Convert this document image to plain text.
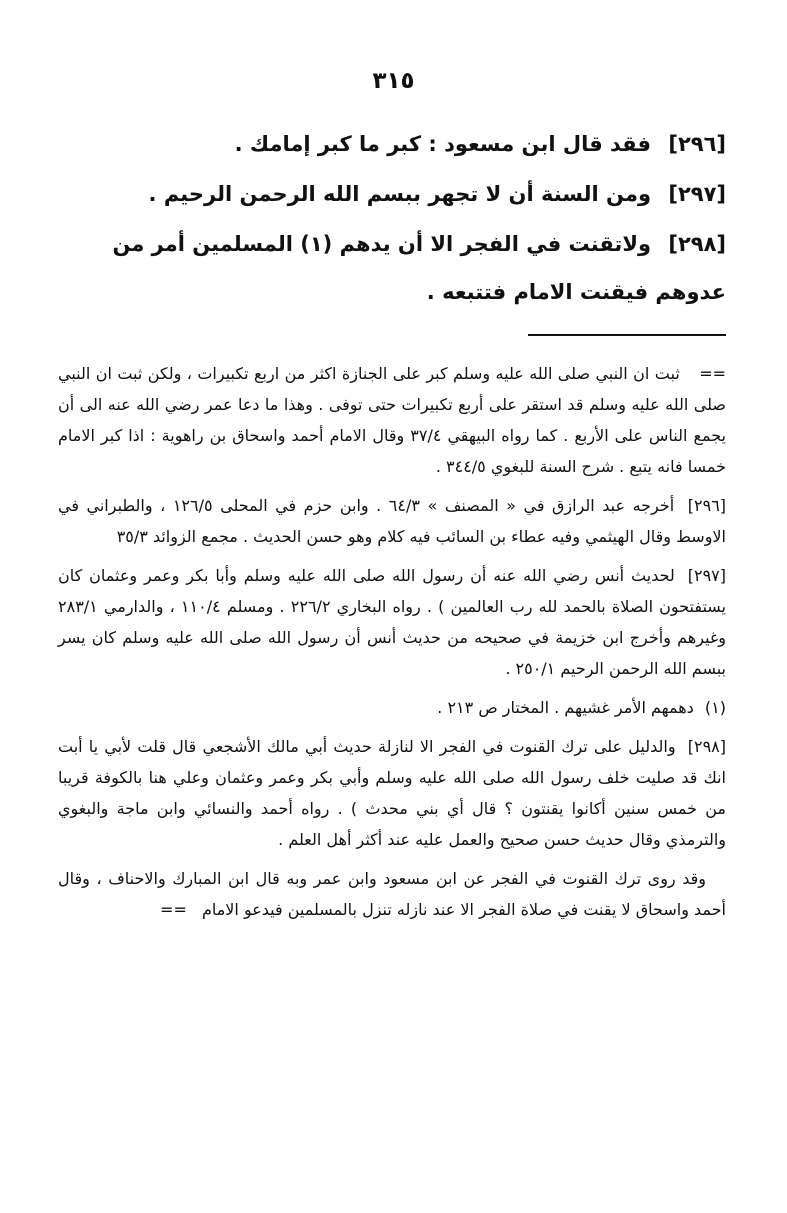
٣١٥

[٢٩٦] فقد قال ابن مسعود : كبر ما كبر إمامك .

[٢٩٧] ومن السنة أن لا تجهر ببسم الله الرحمن الرحيم .

[٢٩٨] ولاتقنت في الفجر الا أن يدهم (١) المسلمين أمر من عدوهم فيقنت الامام فتتبعه .

== ثبت ان النبي صلى الله عليه وسلم كبر على الجنازة اكثر من اربع تكبيرات ، ولكن ثبت ان النبي صلى الله عليه وسلم قد استقر على أربع تكبيرات حتى توفى . وهذا ما دعا عمر رضي الله عنه الى أن يجمع الناس على الأربع . كما رواه البيهقي ٣٧/٤ وقال الامام أحمد واسحاق بن راهوية : اذا كبر الامام خمسا فانه يتبع . شرح السنة للبغوي ٣٤٤/٥ .

[٢٩٦] أخرجه عبد الرازق في « المصنف » ٦٤/٣ . وابن حزم في المحلى ١٢٦/٥ ، والطبراني في الاوسط وقال الهيثمي وفيه عطاء بن السائب فيه كلام وهو حسن الحديث . مجمع الزوائد ٣٥/٣

[٢٩٧] لحديث أنس رضي الله عنه أن رسول الله صلى الله عليه وسلم وأبا بكر وعمر وعثمان كان يستفتحون الصلاة بالحمد لله رب العالمين ) . رواه البخاري ٢٢٦/٢ . ومسلم ١١٠/٤ ، والدارمي ٢٨٣/١ وغيرهم وأخرج ابن خزيمة في صحيحه من حديث أنس أن رسول الله صلى الله عليه وسلم كان يسر ببسم الله الرحمن الرحيم ٢٥٠/١ .

(١) دهمهم الأمر غشيهم . المختار ص ٢١٣ .

[٢٩٨] والدليل على ترك القنوت في الفجر الا لنازلة حديث أبي مالك الأشجعي قال قلت لأبي يا أبت انك قد صليت خلف رسول الله صلى الله عليه وسلم وأبي بكر وعمر وعثمان وعلي هنا بالكوفة قريبا من خمس سنين أكانوا يقنتون ؟ قال أي بني محدث ) . رواه أحمد والنسائي وابن ماجة والبغوي والترمذي وقال حديث حسن صحيح والعمل عليه عند أكثر أهل العلم .

وقد روى ترك القنوت في الفجر عن ابن مسعود وابن عمر وبه قال ابن المبارك والاحناف ، وقال أحمد واسحاق لا يقنت في صلاة الفجر الا عند نازله تنزل بالمسلمين فيدعو الامام ==
